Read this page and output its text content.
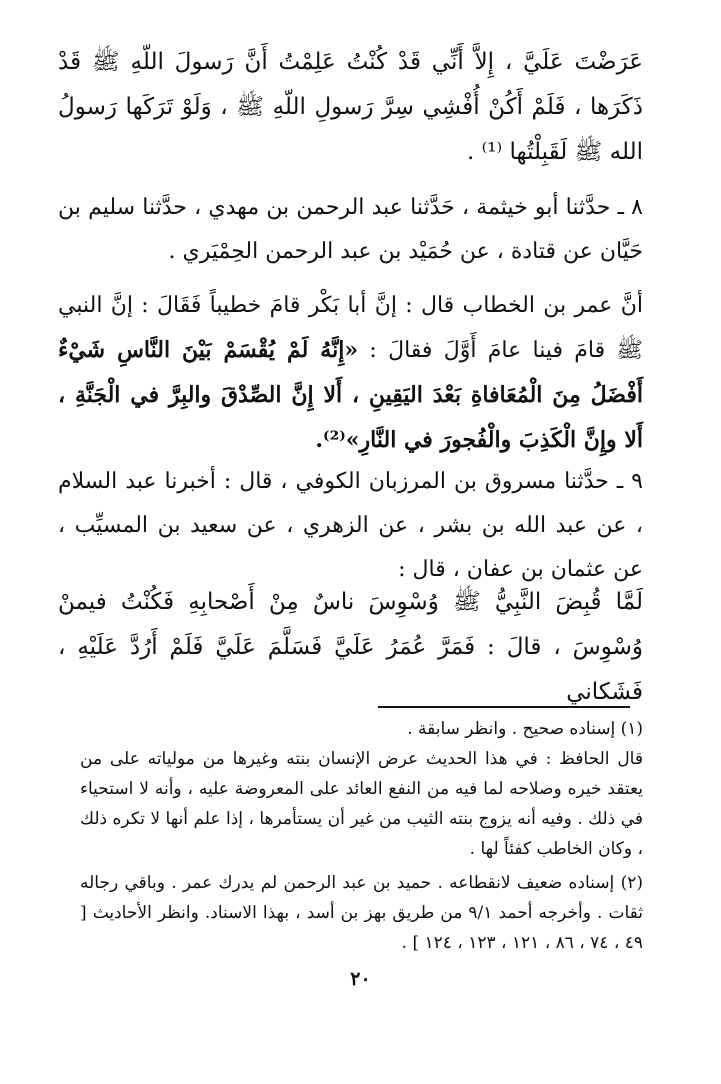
عَرَضْتَ عَلَيَّ ، إِلاَّ أَنِّي قَدْ كُنْتُ عَلِمْتُ أَنَّ رَسولَ اللّهِ ﷺ قَدْ ذَكَرَها ، فَلَمْ أَكُنْ أُفْشِي سِرَّ رَسولِ اللّهِ ﷺ ، وَلَوْ تَرَكَها رَسولُ الله ﷺ لَقَبِلْتُها ⁽¹⁾ .

٨ ـ حدَّثنا أبو خيثمة ، حَدَّثنا عبد الرحمن بن مهدي ، حدَّثنا سليم بن حَيَّان عن قتادة ، عن حُمَيْد بن عبد الرحمن الحِمْيَري .

أنَّ عمر بن الخطاب قال : إنَّ أبا بَكْر قامَ خطيباً فَقَالَ : إنَّ النبي ﷺ قامَ فينا عامَ أَوَّلَ فقالَ : «إِنَّهُ لَمْ يُقْسَمْ بَيْنَ النَّاسِ شَيْءٌ أَفْضَلُ مِنَ الْمُعَافاةِ بَعْدَ اليَقِينِ ، أَلا إِنَّ الصِّدْقَ والبِرَّ في الْجَنَّةِ ، أَلا وإِنَّ الْكَذِبَ والْفُجورَ في النَّارِ»⁽²⁾.

٩ ـ حدَّثنا مسروق بن المرزبان الكوفي ، قال : أخبرنا عبد السلام ، عن عبد الله بن بشر ، عن الزهري ، عن سعيد بن المسيِّب ، عن عثمان بن عفان ، قال :

لَمَّا قُبِضَ النَّبِيُّ ﷺ وُسْوِسَ ناسٌ مِنْ أَصْحابِهِ فَكُنْتُ فيمنْ وُسْوِسَ ، قالَ : فَمَرَّ عُمَرُ عَلَيَّ فَسَلَّمَ عَلَيَّ فَلَمْ أَرُدَّ عَلَيْهِ ، فَشَكاني

(١) إسناده صحيح . وانظر سابقة .

قال الحافظ : في هذا الحديث عرض الإنسان بنته وغيرها من مولياته على من يعتقد خيره وصلاحه لما فيه من النفع العائد على المعروضة عليه ، وأنه لا استحياء في ذلك . وفيه أنه يزوج بنته الثيب من غير أن يستأمرها ، إذا علم أنها لا تكره ذلك ، وكان الخاطب كفئاً لها .

(٢) إسناده ضعيف لانقطاعه . حميد بن عبد الرحمن لم يدرك عمر . وباقي رجاله ثقات . وأخرجه أحمد ٩/١ من طريق بهز بن أسد ، بهذا الاسناد. وانظر الأحاديث [ ٤٩ ، ٧٤ ، ٨٦ ، ١٢١ ، ١٢٣ ، ١٢٤ ] .

٢٠
